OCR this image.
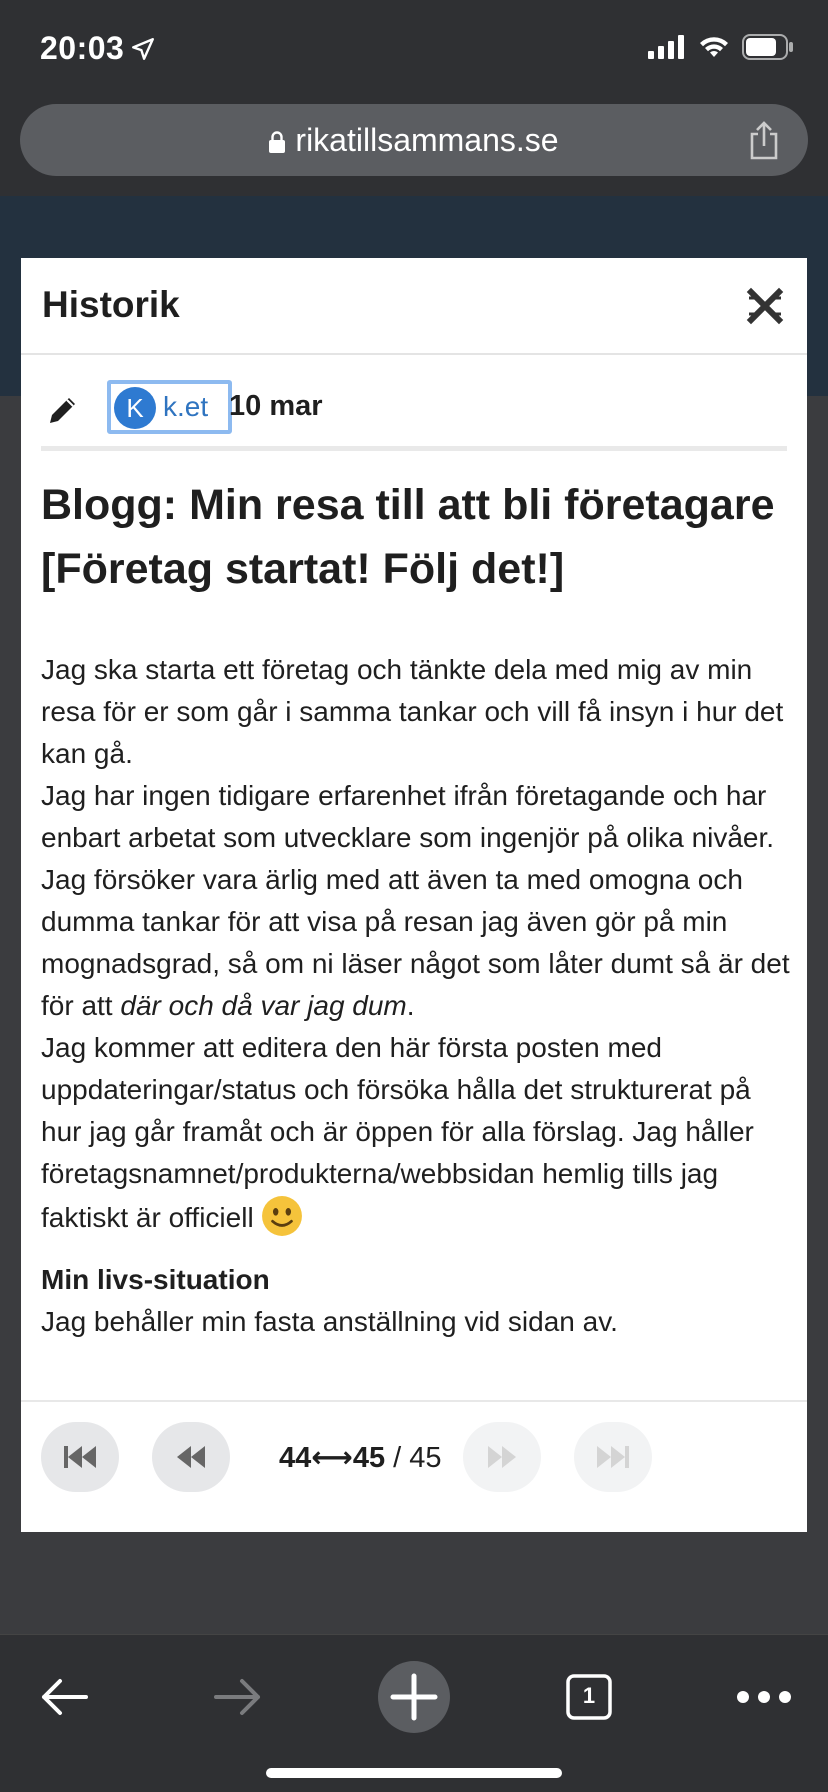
20:03
rikatillsammans.se
Historik
K k.et 10 mar
Blogg: Min resa till att bli företagare [Företag startat! Följ det!]
Jag ska starta ett företag och tänkte dela med mig av min resa för er som går i samma tankar och vill få insyn i hur det kan gå.
Jag har ingen tidigare erfarenhet ifrån företagande och har enbart arbetat som utvecklare som ingenjör på olika nivåer. Jag försöker vara ärlig med att även ta med omogna och dumma tankar för att visa på resan jag även gör på min mognadsgrad, så om ni läser något som låter dumt så är det för att där och då var jag dum.
Jag kommer att editera den här första posten med uppdateringar/status och försöka hålla det strukturerat på hur jag går framåt och är öppen för alla förslag. Jag håller företagsnamnet/produkterna/webbsidan hemlig tills jag faktiskt är officiell
Min livs-situation
Jag behåller min fasta anställning vid sidan av.
44⟷45 / 45
1
